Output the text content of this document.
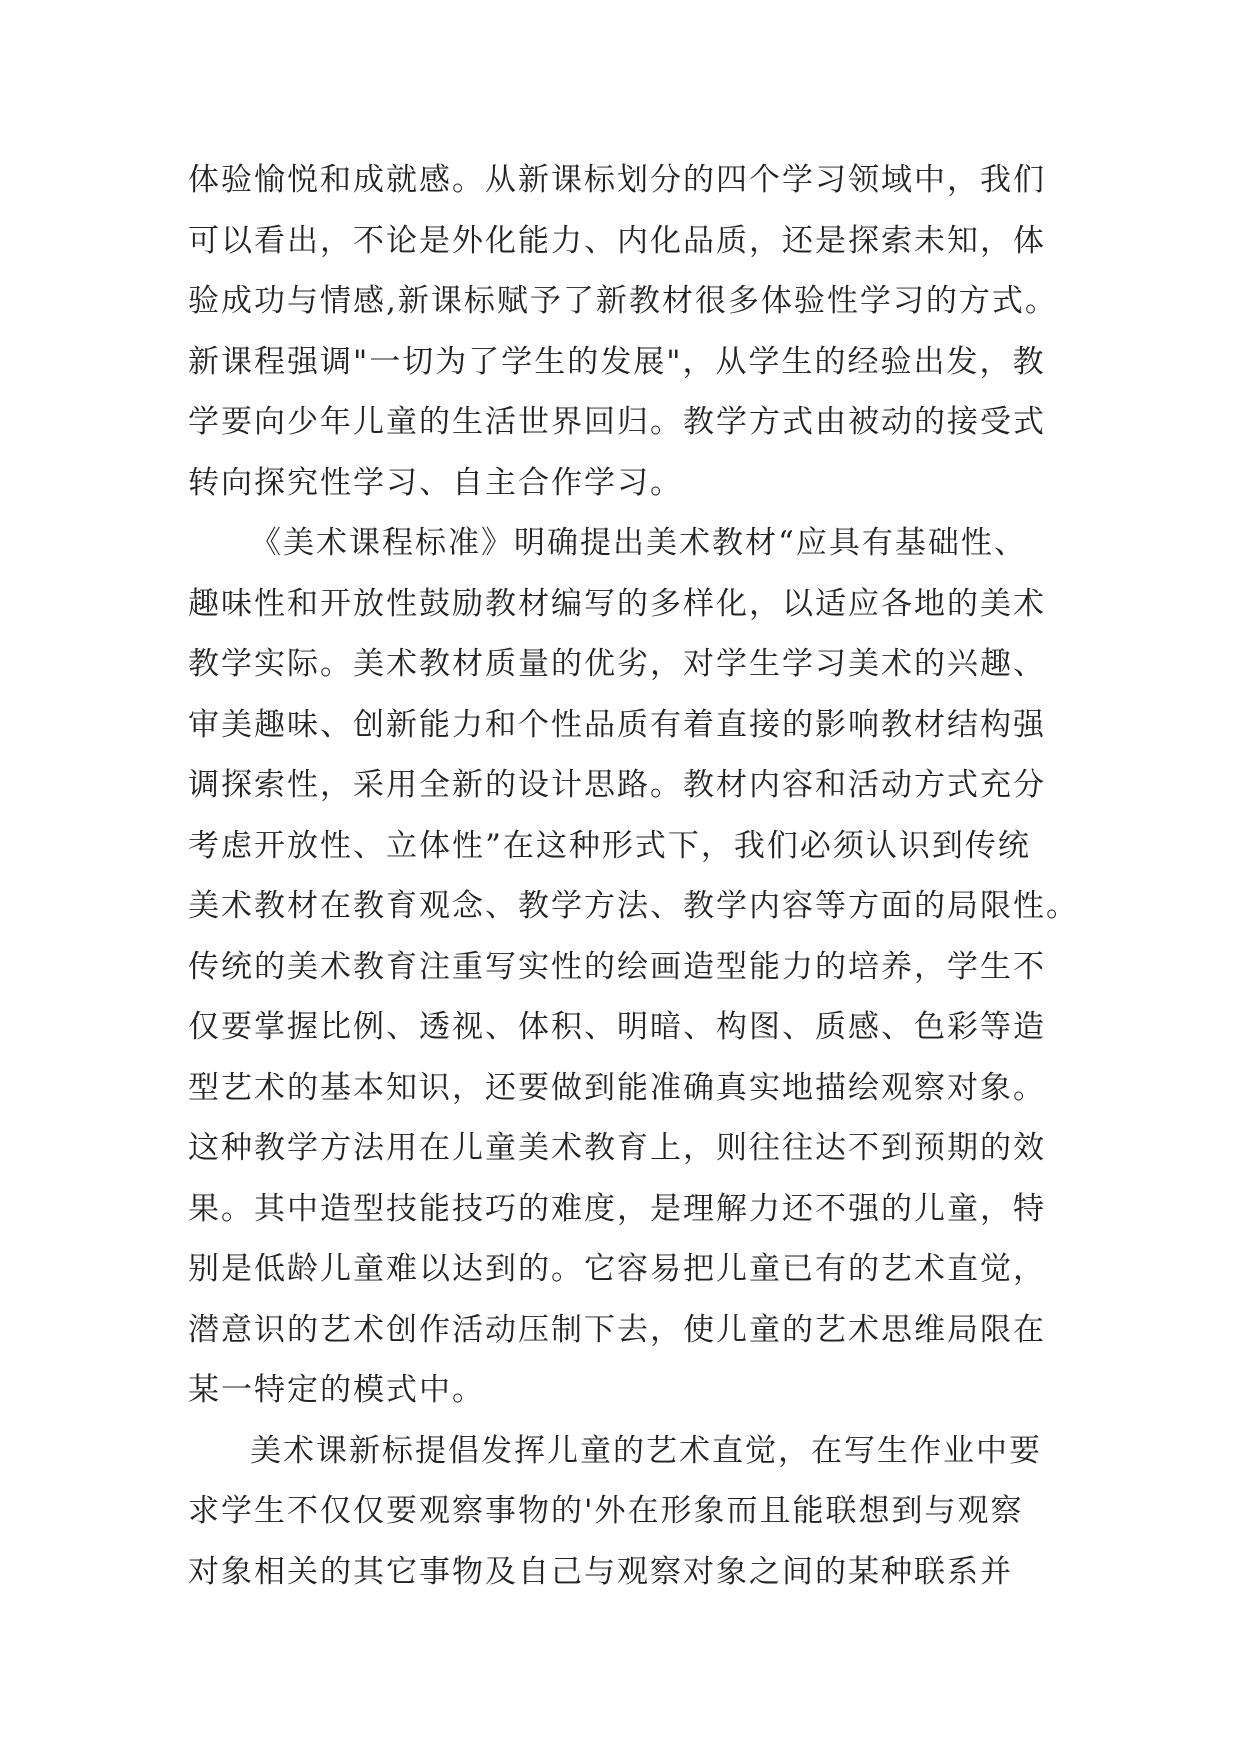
体验愉悦和成就感。从新课标划分的四个学习领域中，我们
可以看出，不论是外化能力、内化品质，还是探索未知，体
验成功与情感,新课标赋予了新教材很多体验性学习的方式。
新课程强调"一切为了学生的发展"，从学生的经验出发，教
学要向少年儿童的生活世界回归。教学方式由被动的接受式
转向探究性学习、自主合作学习。
《美术课程标准》明确提出美术教材“应具有基础性、
趣味性和开放性鼓励教材编写的多样化，以适应各地的美术
教学实际。美术教材质量的优劣，对学生学习美术的兴趣、
审美趣味、创新能力和个性品质有着直接的影响教材结构强
调探索性，采用全新的设计思路。教材内容和活动方式充分
考虑开放性、立体性”在这种形式下，我们必须认识到传统
美术教材在教育观念、教学方法、教学内容等方面的局限性。
传统的美术教育注重写实性的绘画造型能力的培养，学生不
仅要掌握比例、透视、体积、明暗、构图、质感、色彩等造
型艺术的基本知识，还要做到能准确真实地描绘观察对象。
这种教学方法用在儿童美术教育上，则往往达不到预期的效
果。其中造型技能技巧的难度，是理解力还不强的儿童，特
别是低龄儿童难以达到的。它容易把儿童已有的艺术直觉，
潜意识的艺术创作活动压制下去，使儿童的艺术思维局限在
某一特定的模式中。
美术课新标提倡发挥儿童的艺术直觉，在写生作业中要
求学生不仅仅要观察事物的'外在形象而且能联想到与观察
对象相关的其它事物及自己与观察对象之间的某种联系并
